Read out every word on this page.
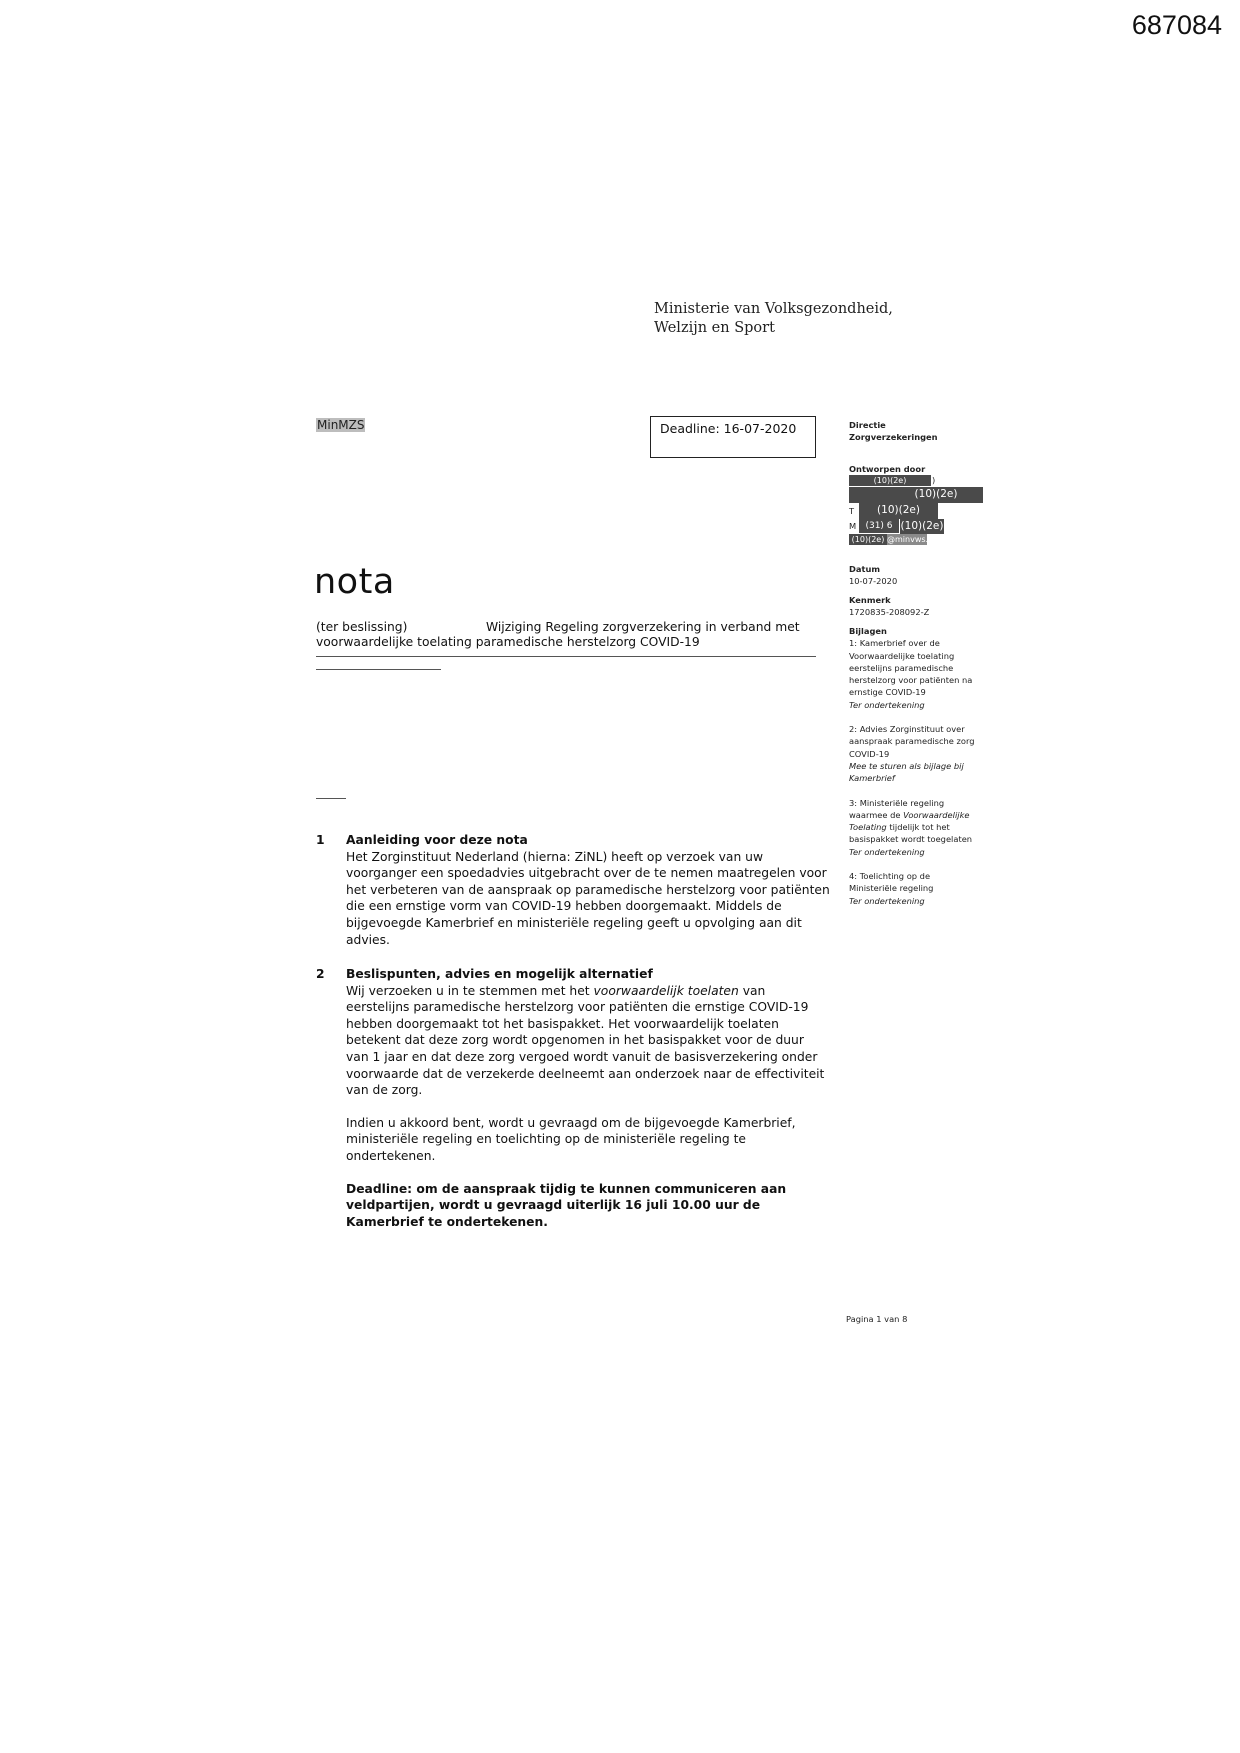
687084
Ministerie van Volksgezondheid,
Welzijn en Sport
MinMZS	Deadline: 16-07-2020
nota
(ter beslissing)	Wijziging Regeling zorgverzekering in verband met
voorwaardelijke toelating paramedische herstelzorg COVID-19
Directie
Zorgverzekeringen
Ontworpen door
(10)(2e)	)
(10)(2e)
T	(10)(2e)
M	(31) 6 (10)(2e)
(10)(2e) @minvws.nl
Datum
10-07-2020
Kenmerk
1720835-208092-Z
Bijlagen
1: Kamerbrief over de
Voorwaardelijke toelating
eerstelijns paramedische
herstelzorg voor patiënten na
ernstige COVID-19
Ter ondertekening
2: Advies Zorginstituut over
aanspraak paramedische zorg
COVID-19
Mee te sturen als bijlage bij
Kamerbrief
3: Ministeriële regeling
waarmee de Voorwaardelijke
Toelating tijdelijk tot het
basispakket wordt toegelaten
Ter ondertekening
4: Toelichting op de
Ministeriële regeling
Ter ondertekening
1 Aanleiding voor deze nota
Het Zorginstituut Nederland (hierna: ZiNL) heeft op verzoek van uw
voorganger een spoedadvies uitgebracht over de te nemen maatregelen voor
het verbeteren van de aanspraak op paramedische herstelzorg voor patiënten
die een ernstige vorm van COVID-19 hebben doorgemaakt. Middels de
bijgevoegde Kamerbrief en ministeriële regeling geeft u opvolging aan dit
advies.
2 Beslispunten, advies en mogelijk alternatief

Wij verzoeken u in te stemmen met het voorwaardelijk toelaten van
eerstelijns paramedische herstelzorg voor patiënten die ernstige COVID-19
hebben doorgemaakt tot het basispakket. Het voorwaardelijk toelaten
betekent dat deze zorg wordt opgenomen in het basispakket voor de duur
van 1 jaar en dat deze zorg vergoed wordt vanuit de basisverzekering onder
voorwaarde dat de verzekerde deelneemt aan onderzoek naar de effectiviteit
van de zorg.

Indien u akkoord bent, wordt u gevraagd om de bijgevoegde Kamerbrief,
ministeriële regeling en toelichting op de ministeriële regeling te
ondertekenen.

Deadline: om de aanspraak tijdig te kunnen communiceren aan
veldpartijen, wordt u gevraagd uiterlijk 16 juli 10.00 uur de
Kamerbrief te ondertekenen.

Pagina 1 van 8
